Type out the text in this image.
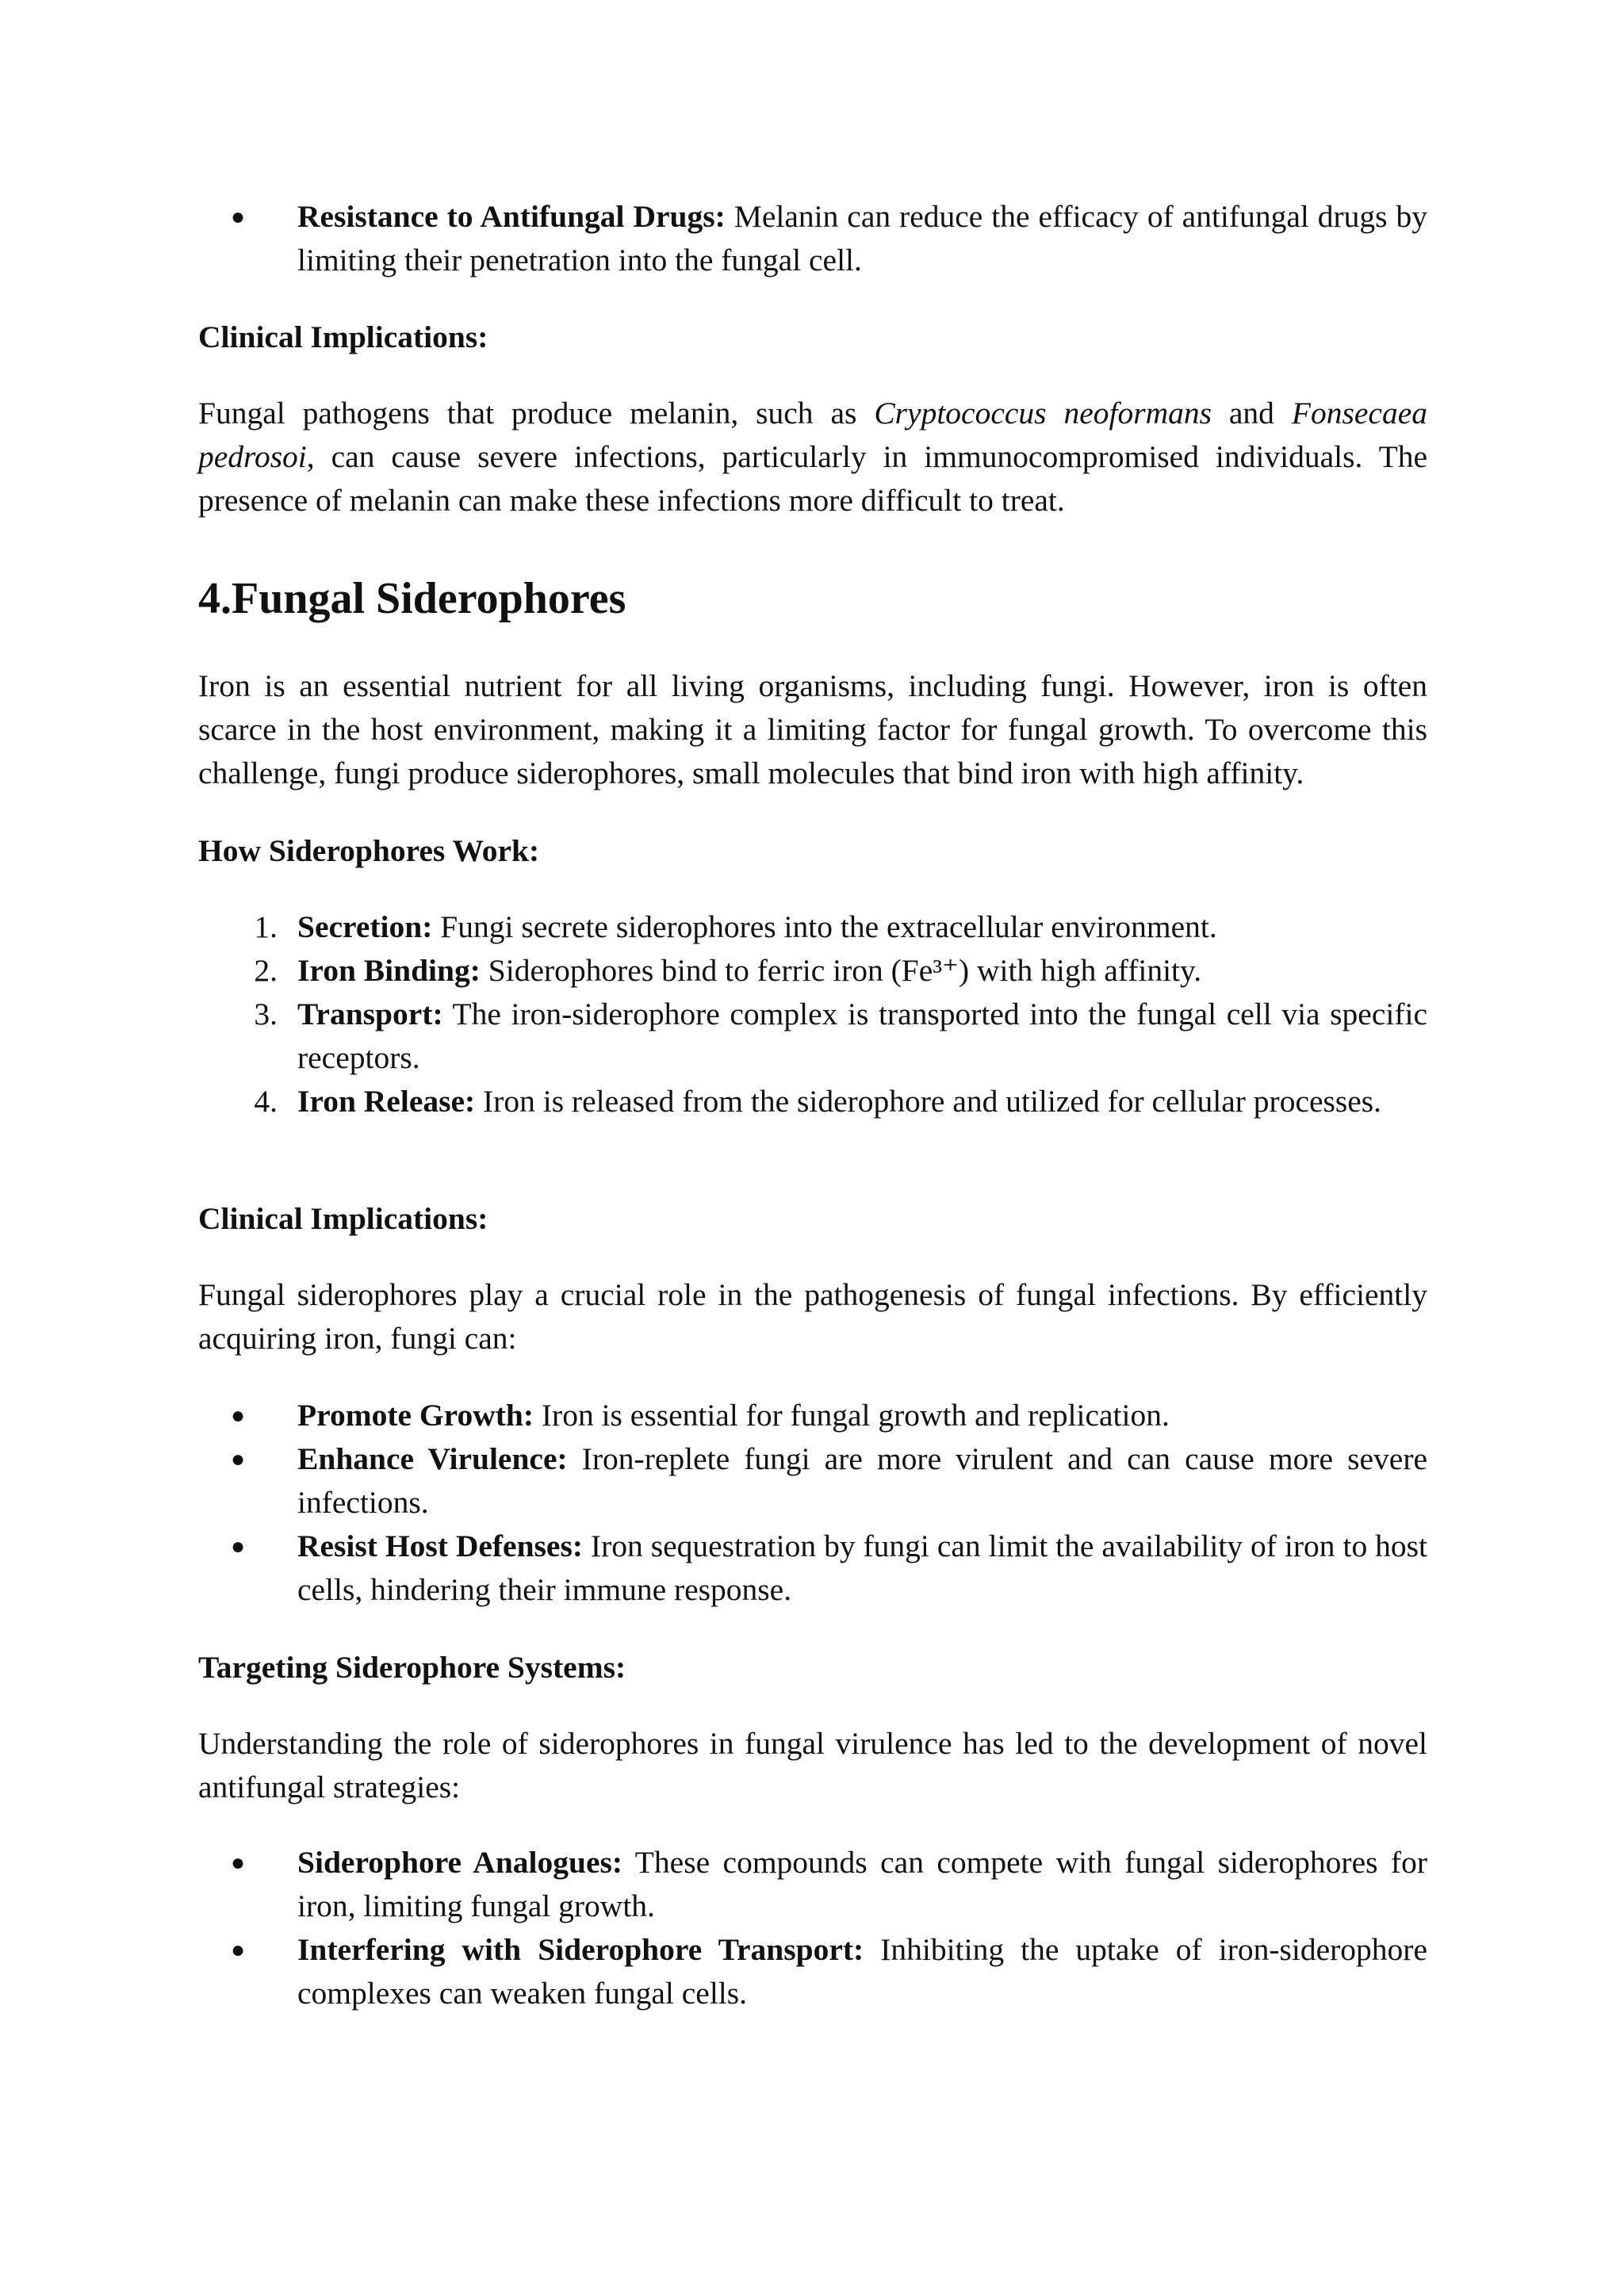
●	Resistance to Antifungal Drugs: Melanin can reduce the efficacy of antifungal drugs by limiting their penetration into the fungal cell.
Clinical Implications:

Fungal pathogens that produce melanin, such as Cryptococcus neoformans and Fonsecaea pedrosoi, can cause severe infections, particularly in immunocompromised individuals. The presence of melanin can make these infections more difficult to treat.

4.Fungal Siderophores

Iron is an essential nutrient for all living organisms, including fungi. However, iron is often scarce in the host environment, making it a limiting factor for fungal growth. To overcome this challenge, fungi produce siderophores, small molecules that bind iron with high affinity.

How Siderophores Work:
1. Secretion: Fungi secrete siderophores into the extracellular environment.
2. Iron Binding: Siderophores bind to ferric iron (Fe³⁺) with high affinity.
3. Transport: The iron-siderophore complex is transported into the fungal cell via specific receptors.
4. Iron Release: Iron is released from the siderophore and utilized for cellular processes.
Clinical Implications:

Fungal siderophores play a crucial role in the pathogenesis of fungal infections. By efficiently acquiring iron, fungi can:

●	Promote Growth: Iron is essential for fungal growth and replication.
●	Enhance Virulence: Iron-replete fungi are more virulent and can cause more severe infections.
●	Resist Host Defenses: Iron sequestration by fungi can limit the availability of iron to host cells, hindering their immune response.
Targeting Siderophore Systems:

Understanding the role of siderophores in fungal virulence has led to the development of novel antifungal strategies:

●	Siderophore Analogues: These compounds can compete with fungal siderophores for iron, limiting fungal growth.
●	Interfering with Siderophore Transport: Inhibiting the uptake of iron-siderophore complexes can weaken fungal cells.
